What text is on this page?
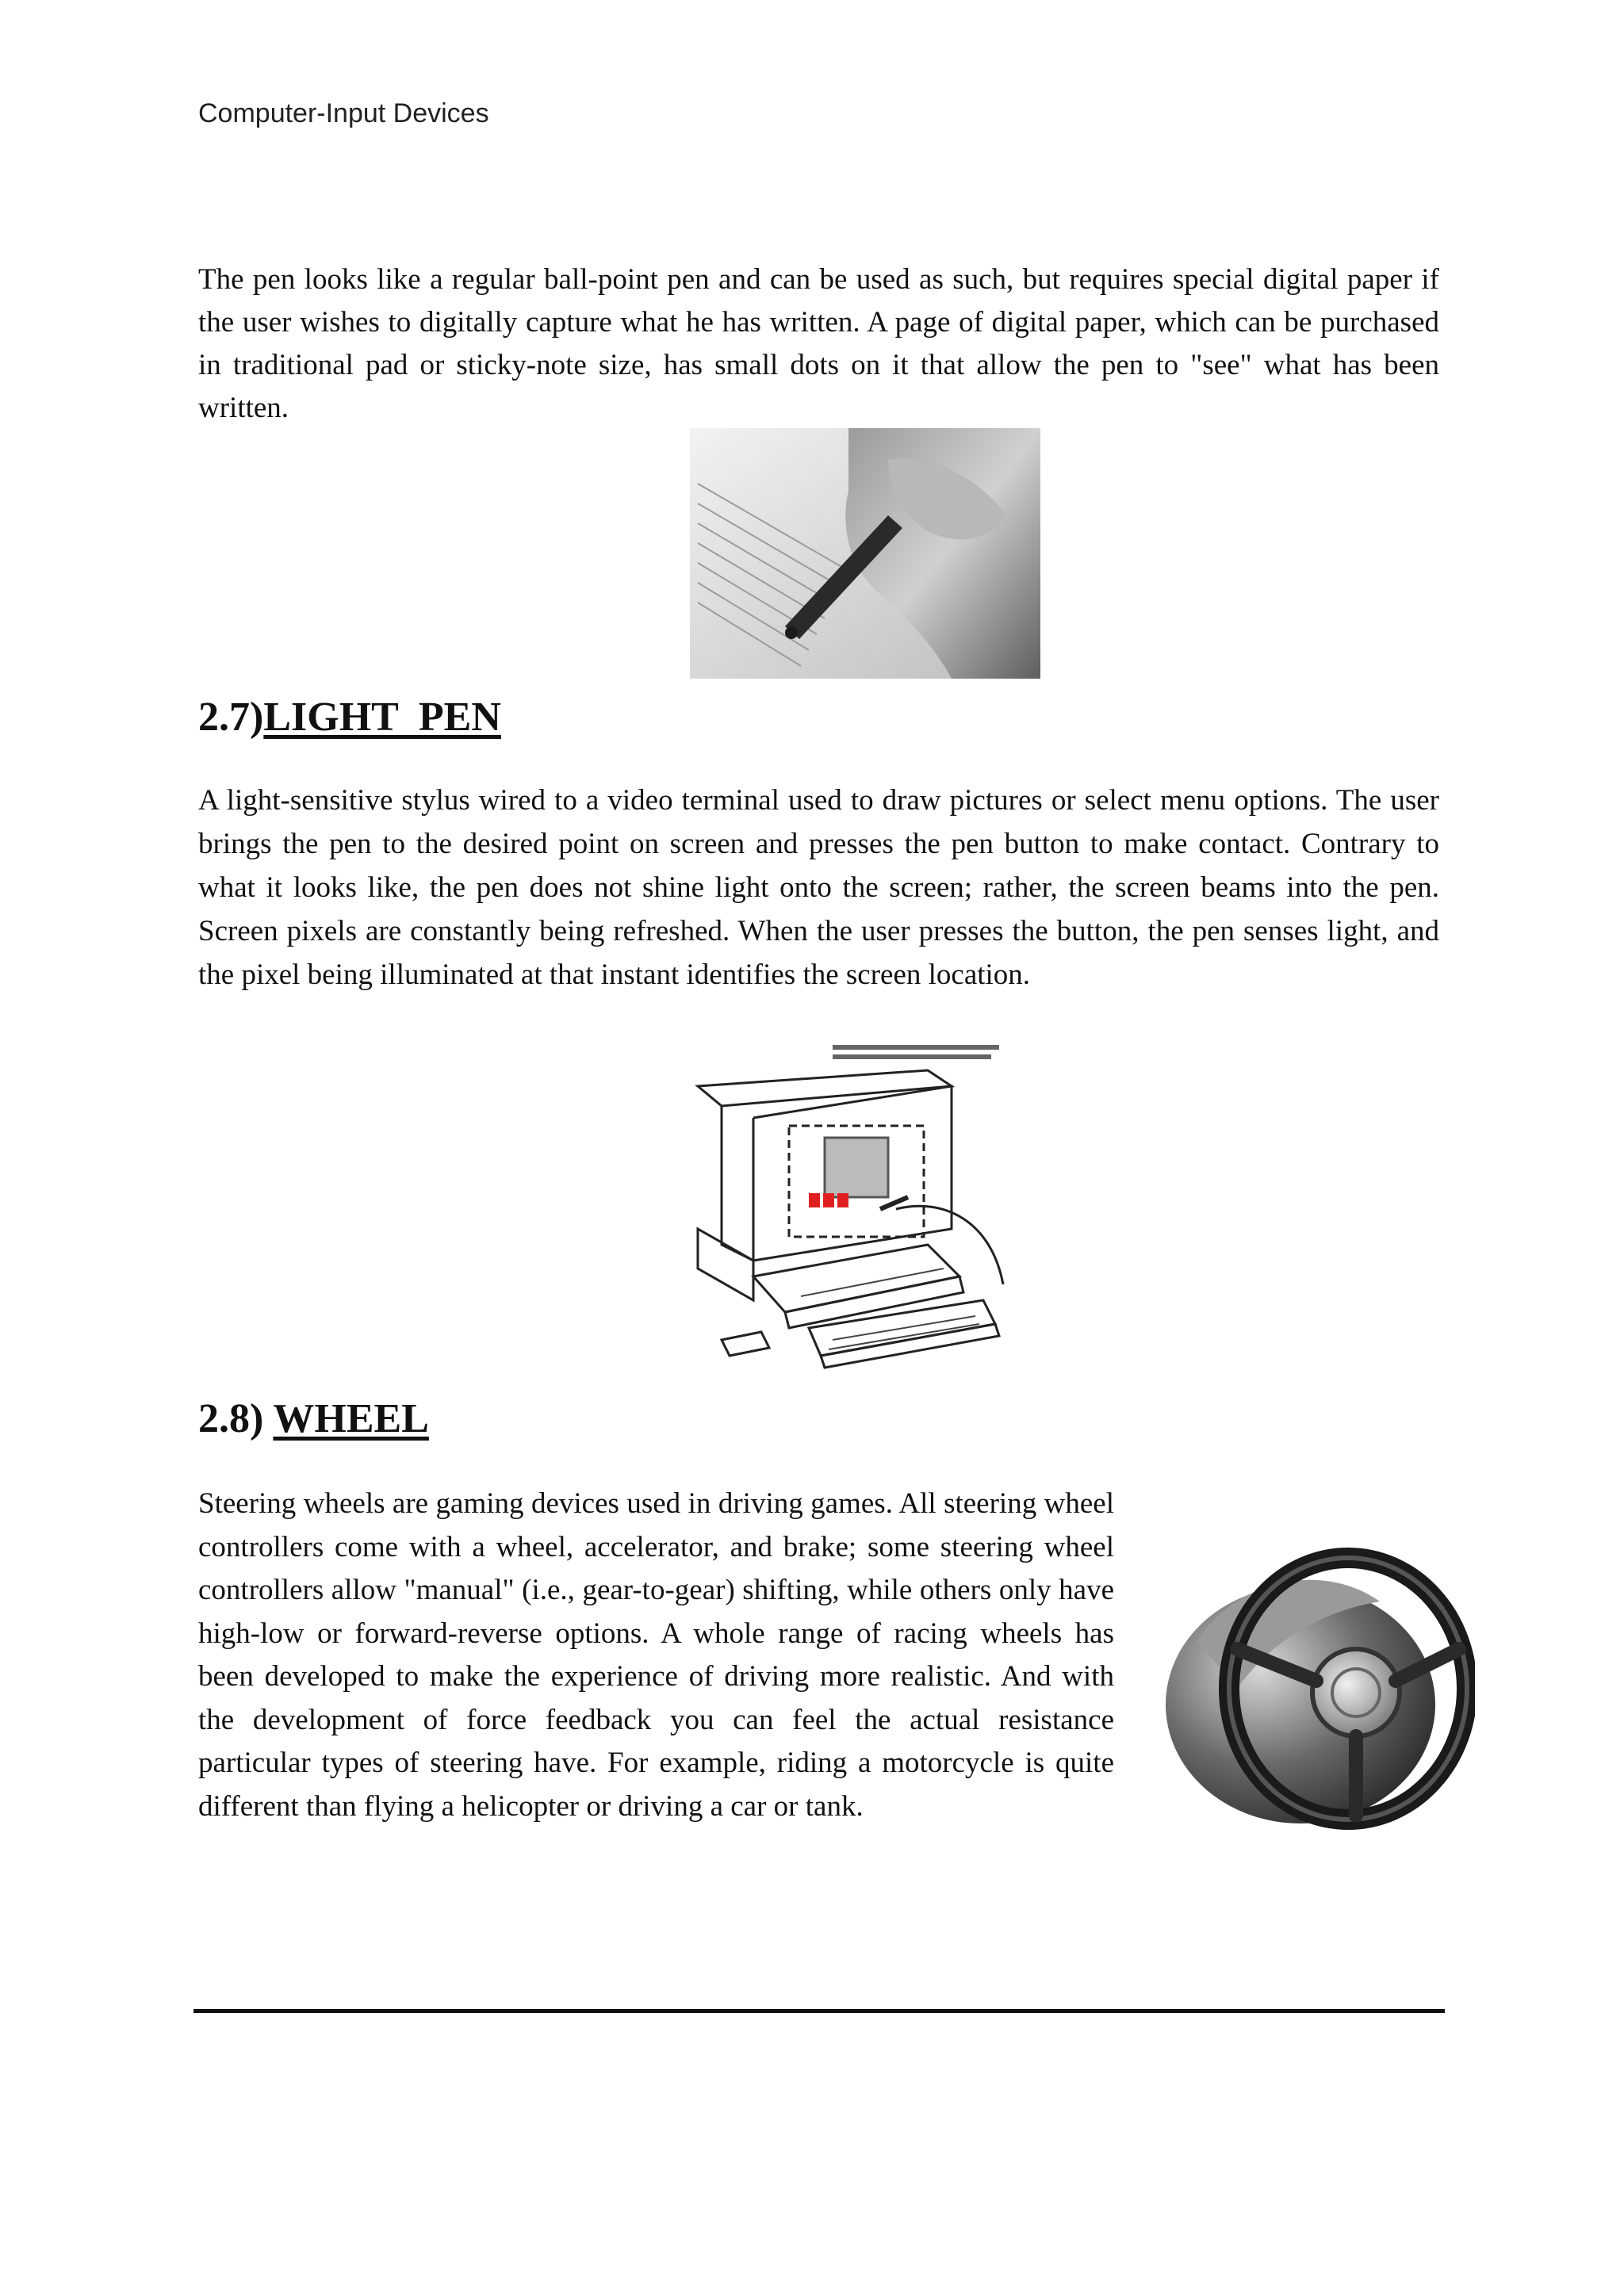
Computer-Input Devices

The pen looks like a regular ball-point pen and can be used as such, but requires special digital paper if the user wishes to digitally capture what he has written. A page of digital paper, which can be purchased in traditional pad or sticky-note size, has small dots on it that allow the pen to "see" what has been written.

2.7)LIGHT  PEN

A light-sensitive stylus wired to a video terminal used to draw pictures or select menu options. The user brings the pen to the desired point on screen and presses the pen button to make contact. Contrary to what it looks like, the pen does not shine light onto the screen; rather, the screen beams into the pen. Screen pixels are constantly being refreshed. When the user presses the button, the pen senses light, and the pixel being illuminated at that instant identifies the screen location.

2.8) WHEEL

Steering wheels are gaming devices used in driving games. All steering wheel controllers come with a wheel, accelerator, and brake; some steering wheel controllers allow "manual" (i.e., gear-to-gear) shifting, while others only have high-low or forward-reverse options. A whole range of racing wheels has been developed to make the experience of driving more realistic. And with the development of force feedback you can feel the actual resistance particular types of steering have. For example, riding a motorcycle is quite different than flying a helicopter or driving a car or tank.
